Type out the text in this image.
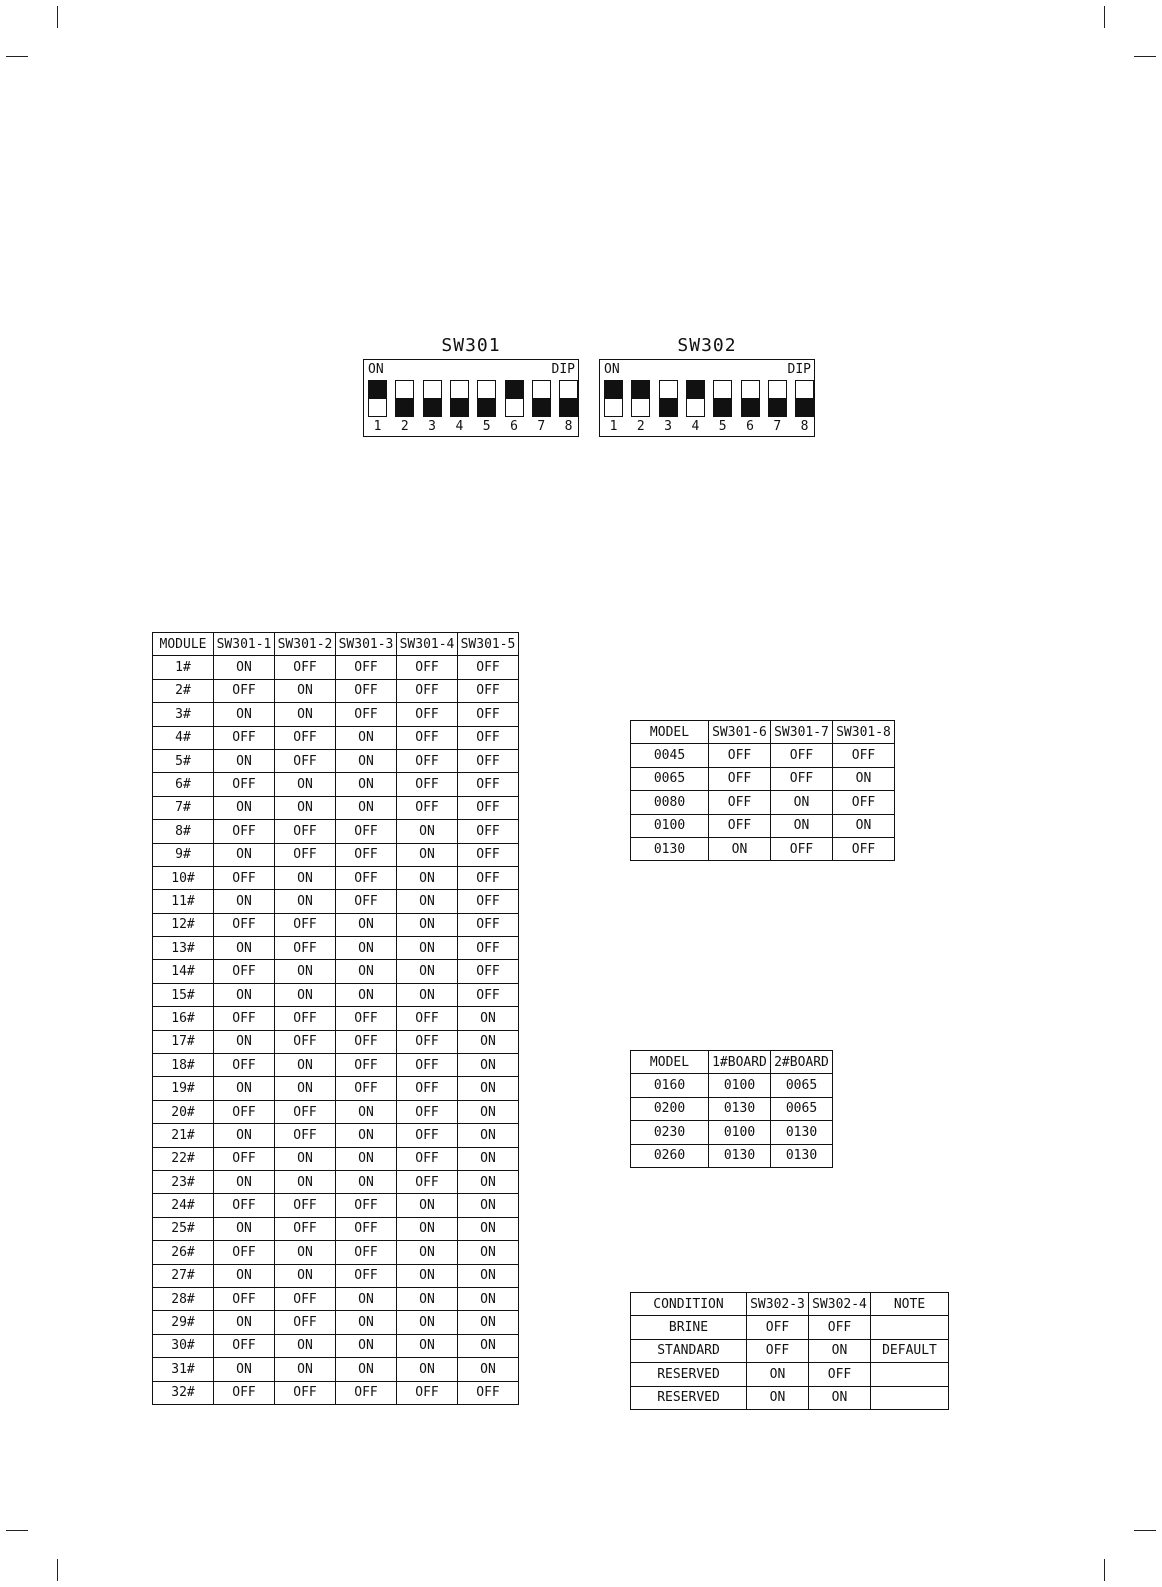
SW301
ON	DIP
1	2	3	4	5	6	7	8
SW302
ON	DIP
1	2	3	4	5	6	7	8
MODULE	SW301-1	SW301-2	SW301-3	SW301-4	SW301-5
1#	ON	OFF	OFF	OFF	OFF
2#	OFF	ON	OFF	OFF	OFF
3#	ON	ON	OFF	OFF	OFF
4#	OFF	OFF	ON	OFF	OFF
5#	ON	OFF	ON	OFF	OFF
6#	OFF	ON	ON	OFF	OFF
7#	ON	ON	ON	OFF	OFF
8#	OFF	OFF	OFF	ON	OFF
9#	ON	OFF	OFF	ON	OFF
10#	OFF	ON	OFF	ON	OFF
11#	ON	ON	OFF	ON	OFF
12#	OFF	OFF	ON	ON	OFF
13#	ON	OFF	ON	ON	OFF
14#	OFF	ON	ON	ON	OFF
15#	ON	ON	ON	ON	OFF
16#	OFF	OFF	OFF	OFF	ON
17#	ON	OFF	OFF	OFF	ON
18#	OFF	ON	OFF	OFF	ON
19#	ON	ON	OFF	OFF	ON
20#	OFF	OFF	ON	OFF	ON
21#	ON	OFF	ON	OFF	ON
22#	OFF	ON	ON	OFF	ON
23#	ON	ON	ON	OFF	ON
24#	OFF	OFF	OFF	ON	ON
25#	ON	OFF	OFF	ON	ON
26#	OFF	ON	OFF	ON	ON
27#	ON	ON	OFF	ON	ON
28#	OFF	OFF	ON	ON	ON
29#	ON	OFF	ON	ON	ON
30#	OFF	ON	ON	ON	ON
31#	ON	ON	ON	ON	ON
32#	OFF	OFF	OFF	OFF	OFF
MODEL	SW301-6	SW301-7	SW301-8
0045	OFF	OFF	OFF
0065	OFF	OFF	ON
0080	OFF	ON	OFF
0100	OFF	ON	ON
0130	ON	OFF	OFF
MODEL	1#BOARD	2#BOARD
0160	0100	0065
0200	0130	0065
0230	0100	0130
0260	0130	0130
CONDITION	SW302-3	SW302-4	NOTE
BRINE	OFF	OFF	
STANDARD	OFF	ON	DEFAULT
RESERVED	ON	OFF	
RESERVED	ON	ON	
